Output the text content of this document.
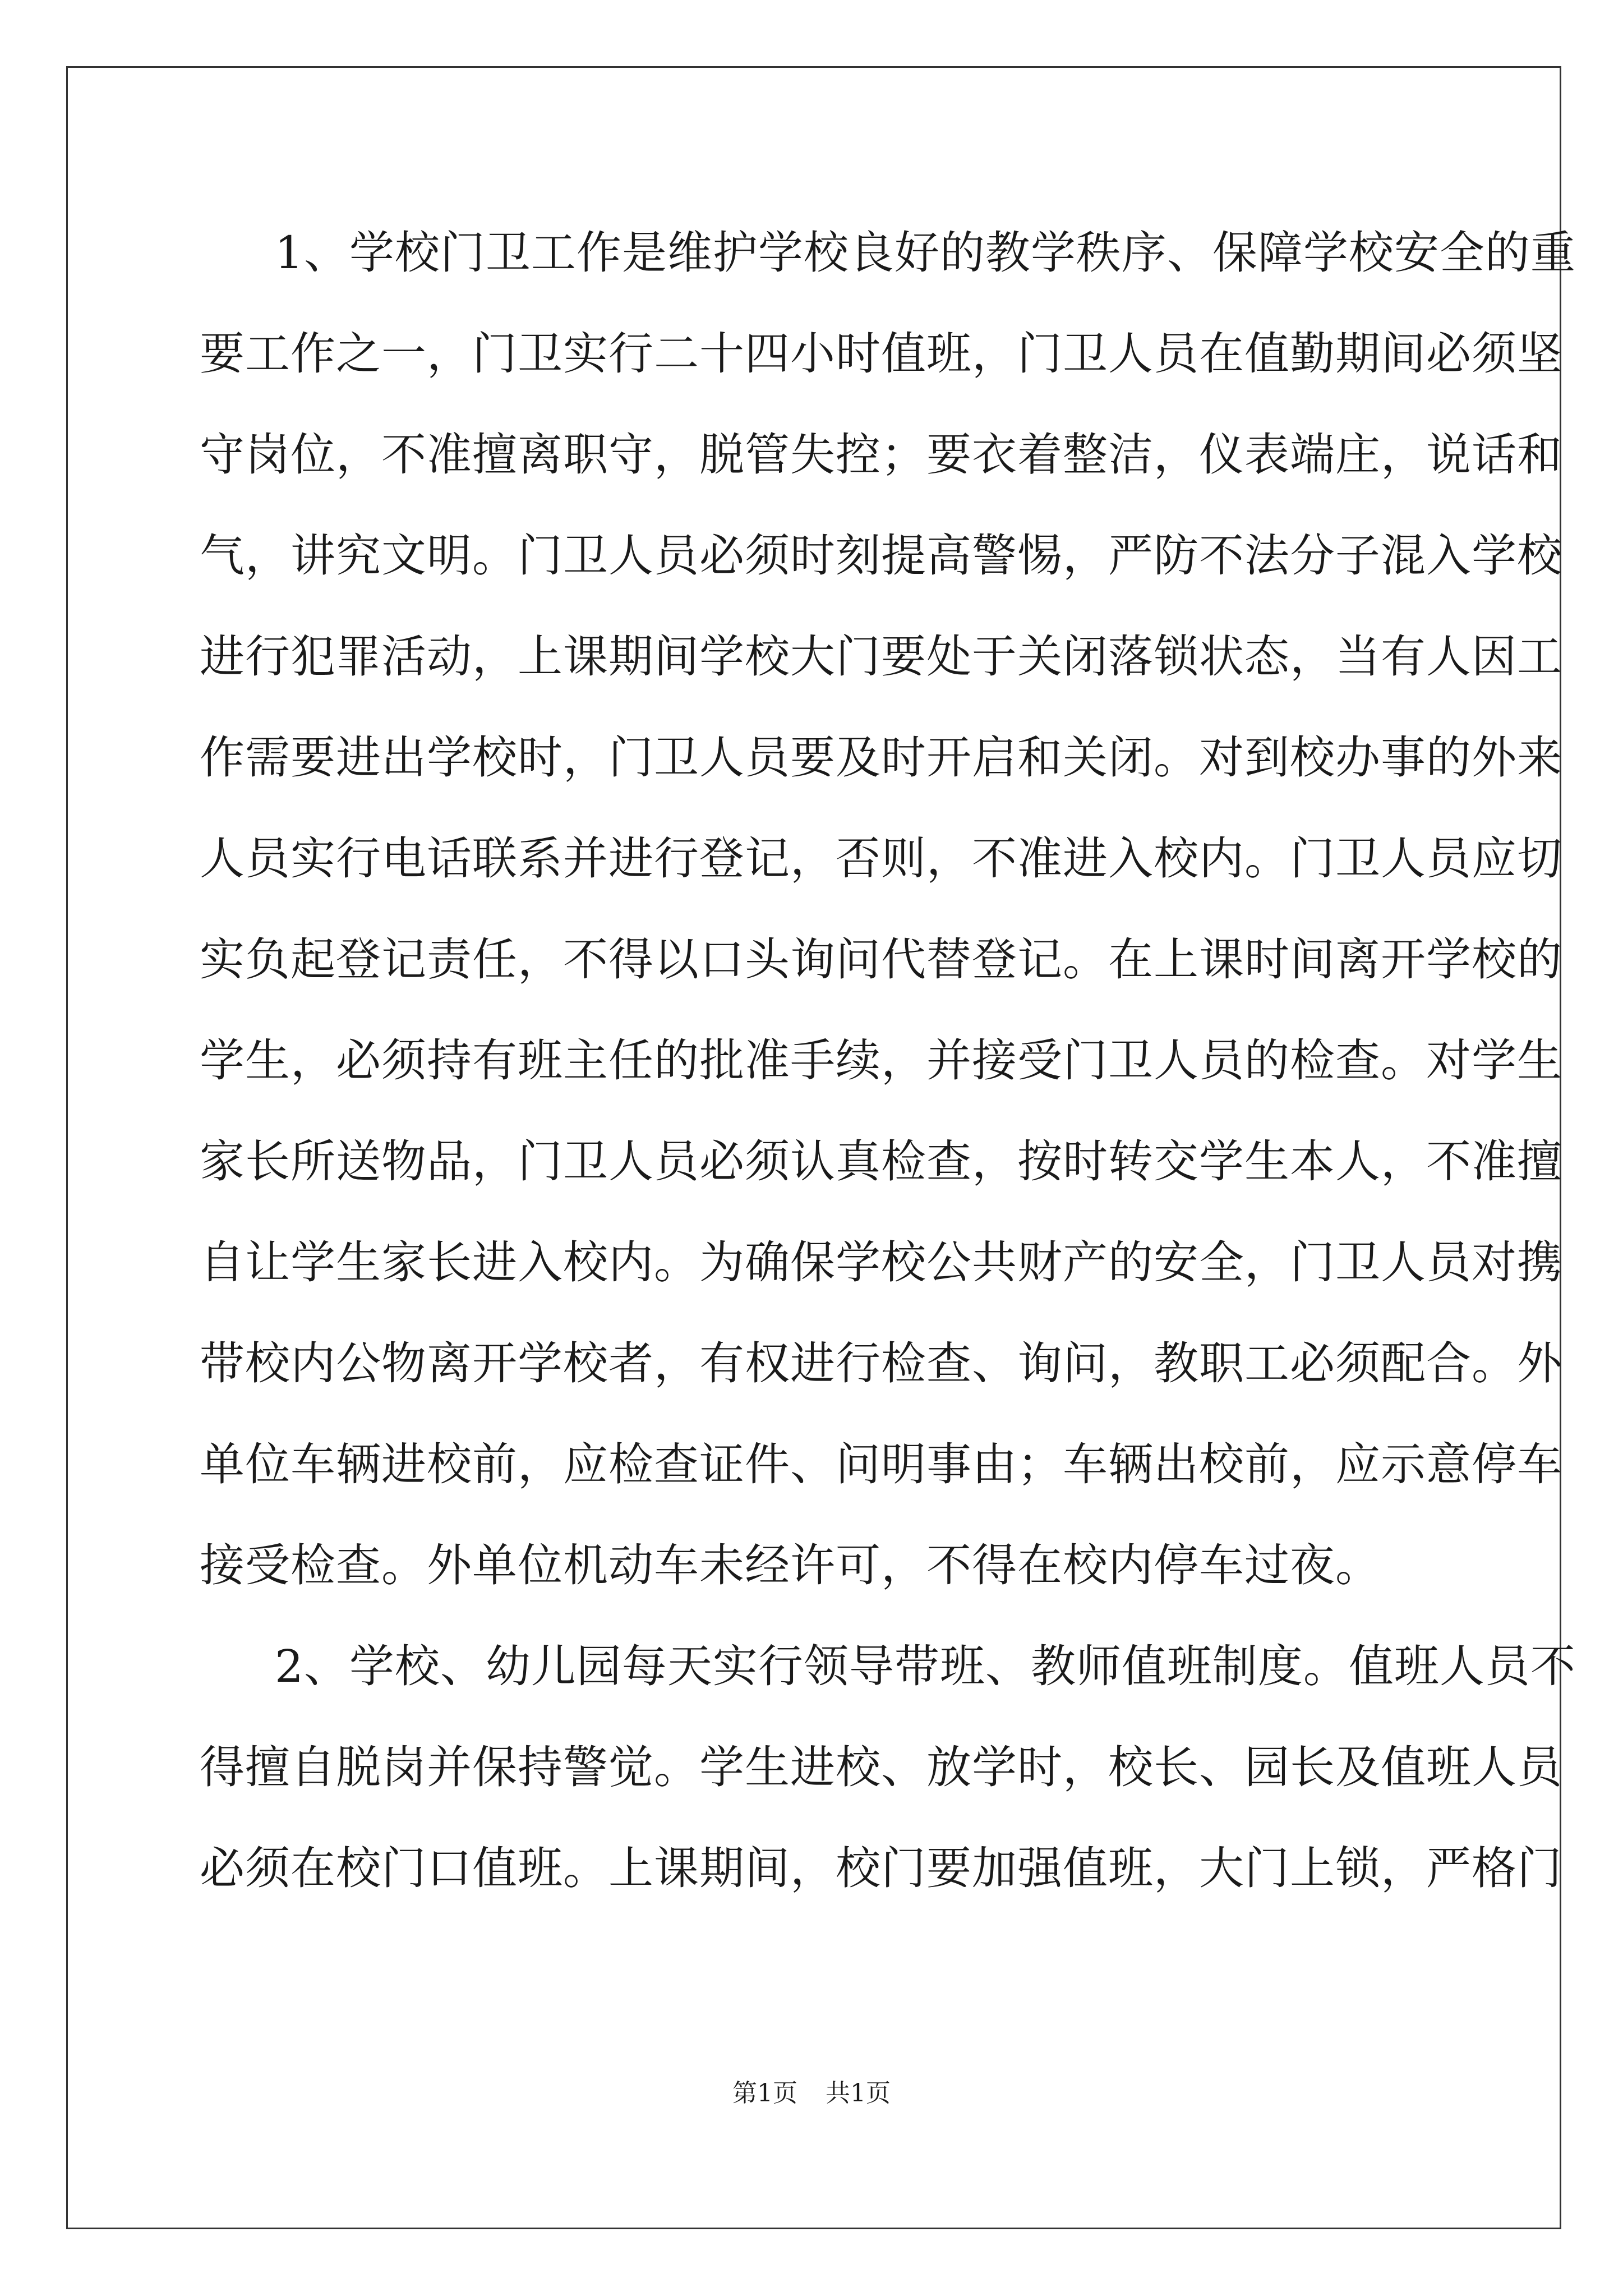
1、学校门卫工作是维护学校良好的教学秩序、保障学校安全的重
要工作之一，门卫实行二十四小时值班，门卫人员在值勤期间必须坚
守岗位，不准擅离职守，脱管失控；要衣着整洁，仪表端庄，说话和
气，讲究文明。门卫人员必须时刻提高警惕，严防不法分子混入学校
进行犯罪活动，上课期间学校大门要处于关闭落锁状态，当有人因工
作需要进出学校时，门卫人员要及时开启和关闭。对到校办事的外来
人员实行电话联系并进行登记，否则，不准进入校内。门卫人员应切
实负起登记责任，不得以口头询问代替登记。在上课时间离开学校的
学生，必须持有班主任的批准手续，并接受门卫人员的检查。对学生
家长所送物品，门卫人员必须认真检查，按时转交学生本人，不准擅
自让学生家长进入校内。为确保学校公共财产的安全，门卫人员对携
带校内公物离开学校者，有权进行检查、询问，教职工必须配合。外
单位车辆进校前，应检查证件、问明事由；车辆出校前，应示意停车
接受检查。外单位机动车未经许可，不得在校内停车过夜。
2、学校、幼儿园每天实行领导带班、教师值班制度。值班人员不
得擅自脱岗并保持警觉。学生进校、放学时，校长、园长及值班人员
必须在校门口值班。上课期间，校门要加强值班，大门上锁，严格门
第1页 共1页
